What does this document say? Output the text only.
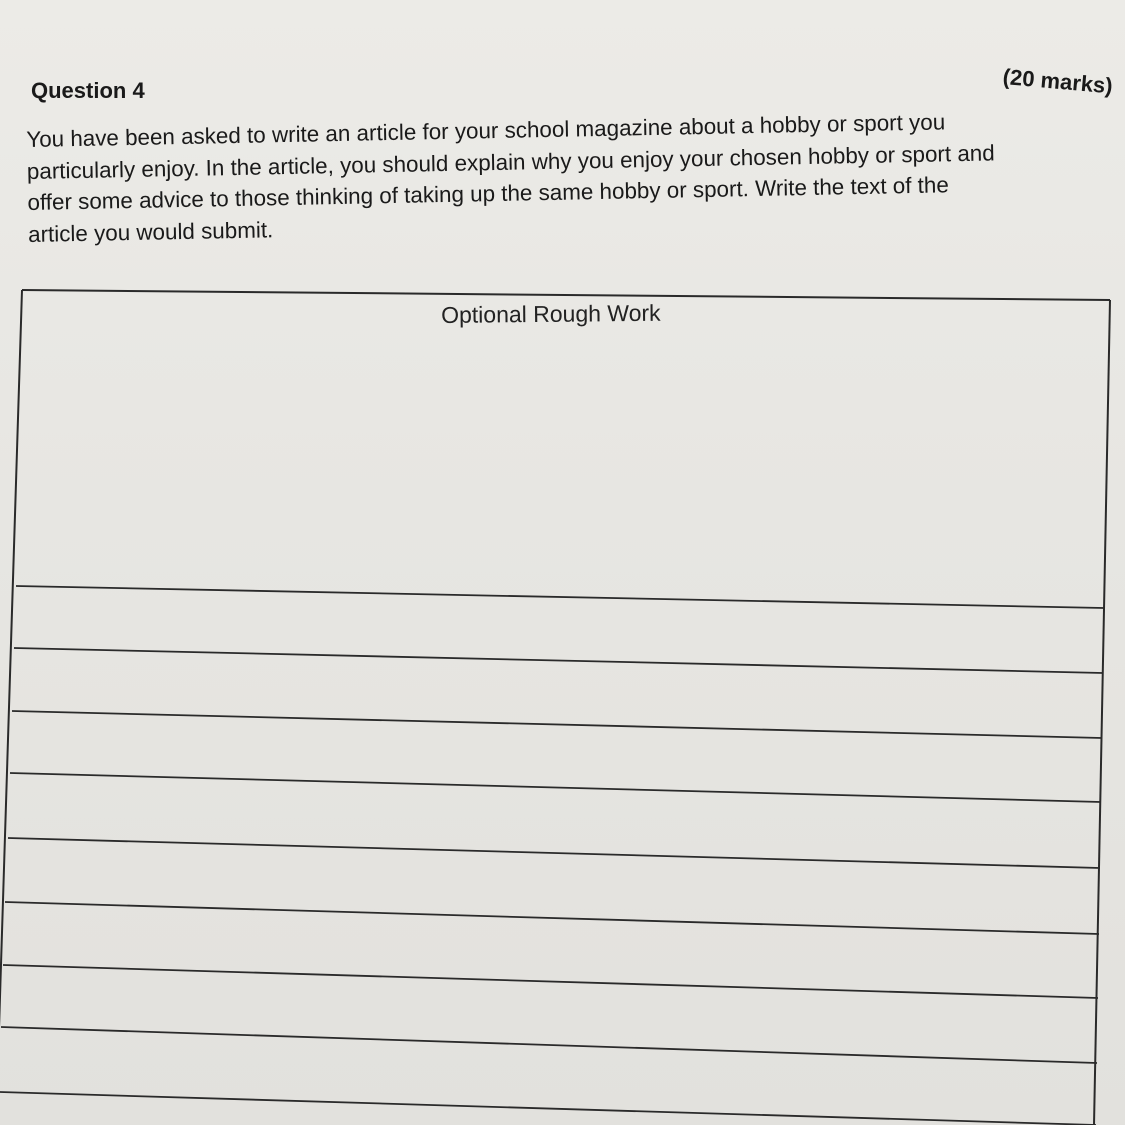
Question 4	(20 marks)

You have been asked to write an article for your school magazine about a hobby or sport you
particularly enjoy. In the article, you should explain why you enjoy your chosen hobby or sport and
offer some advice to those thinking of taking up the same hobby or sport. Write the text of the
article you would submit.

Optional Rough Work
